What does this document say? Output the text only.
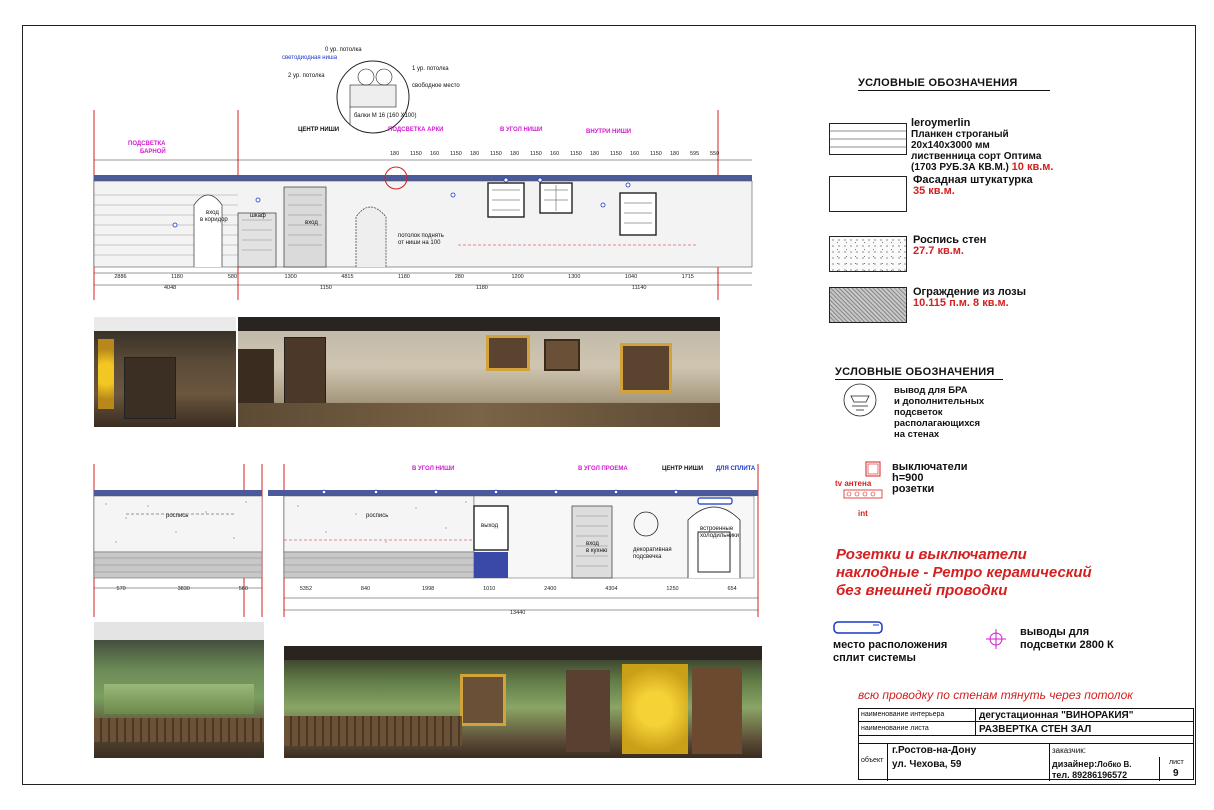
0 ур. потолка
светодиодная ниша
1 ур. потолка
2 ур. потолка
свободное место
балки М 16 (160 Х100)
ЦЕНТР НИШИ	ПОДСВЕТКА АРКИ
ПОДСВЕТКА
БАРНОЙ
В УГОЛ НИШИ	ВНУТРИ НИШИ
вход
в коридор
шкаф
вход
потолок поднять
от ниши на 100
180 1150 160 1150 180 1150 180 1150 160 1150 180 1150 160 1150 180 595 550
2886	1180	580	1300	4815	1180	280	1200	1300	1040	1715
4048	1150	1180	11140
В УГОЛ НИШИ	В УГОЛ ПРОЕМА	ЦЕНТР НИШИ ДЛЯ СПЛИТА
роспись	роспись
выход
вход
в кухню	декоративная
подсвечка
встроенные
холодильники
570	3830	560	5352	840	1998	1010	2400	4304	1250	654
13440
УСЛОВНЫЕ ОБОЗНАЧЕНИЯ
leroymerlin
Планкен строганый
20х140х3000 мм
лиственница сорт Оптима
(1703 РУБ.ЗА КВ.М.) 10 кв.м.
Фасадная штукатурка
35 кв.м.
Роспись стен
27.7 кв.м.
Ограждение из лозы
10.115 п.м. 8 кв.м.
УСЛОВНЫЕ ОБОЗНАЧЕНИЯ
вывод для БРА
и дополнительных
подсветок
располагающихся
на стенах
tv антена
int
выключатели
h=900
розетки
Розетки и выключатели
наклодные - Ретро керамический
без внешней проводки
место расположения
сплит системы
выводы для
подсветки 2800 К
всю проводку по стенам тянуть через потолок
наименование интерьера	дегустационная "ВИНОРАКИЯ"
наименование листа	РАЗВЕРТКА СТЕН ЗАЛ
объект
г.Ростов-на-Дону
ул. Чехова, 59
заказчик:
дизайнер:Лобко В.
тел. 89286196572
лист
9
